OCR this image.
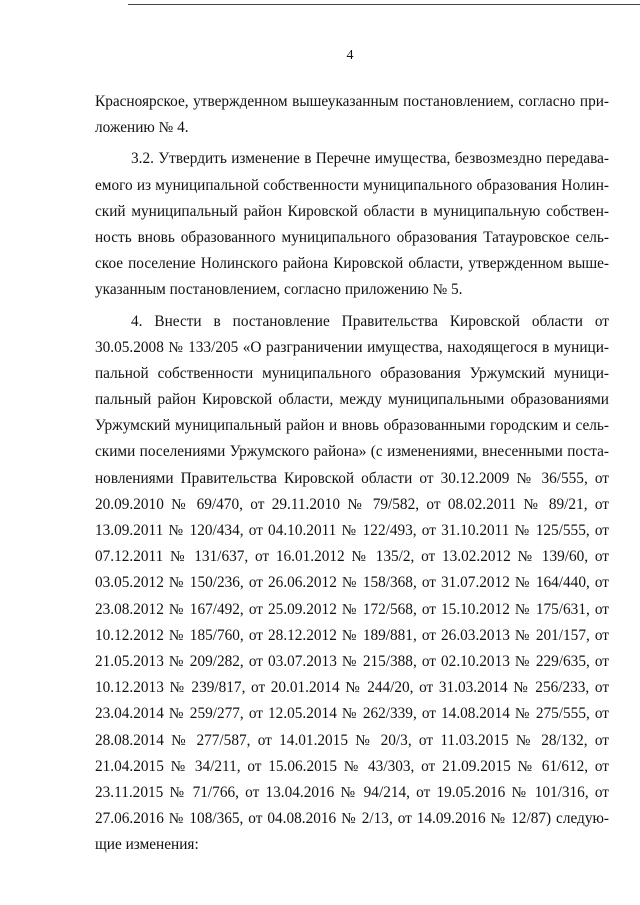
4
Красноярское, утвержденном вышеуказанным постановлением, согласно при-
ложению № 4.
3.2. Утвердить изменение в Перечне имущества, безвозмездно передава-
емого из муниципальной собственности муниципального образования Нолин-
ский муниципальный район Кировской области в муниципальную собствен-
ность вновь образованного муниципального образования Татауровское сель-
ское поселение Нолинского района Кировской области, утвержденном выше-
указанным постановлением, согласно приложению № 5.
4. Внести в постановление Правительства Кировской области от
30.05.2008 № 133/205 «О разграничении имущества, находящегося в муници-
пальной собственности муниципального образования Уржумский муници-
пальный район Кировской области, между муниципальными образованиями
Уржумский муниципальный район и вновь образованными городским и сель-
скими поселениями Уржумского района» (с изменениями, внесенными поста-
новлениями Правительства Кировской области от 30.12.2009 № 36/555, от
20.09.2010 № 69/470, от 29.11.2010 № 79/582, от 08.02.2011 № 89/21, от
13.09.2011 № 120/434, от 04.10.2011 № 122/493, от 31.10.2011 № 125/555, от
07.12.2011 № 131/637, от 16.01.2012 № 135/2, от 13.02.2012 № 139/60, от
03.05.2012 № 150/236, от 26.06.2012 № 158/368, от 31.07.2012 № 164/440, от
23.08.2012 № 167/492, от 25.09.2012 № 172/568, от 15.10.2012 № 175/631, от
10.12.2012 № 185/760, от 28.12.2012 № 189/881, от 26.03.2013 № 201/157, от
21.05.2013 № 209/282, от 03.07.2013 № 215/388, от 02.10.2013 № 229/635, от
10.12.2013 № 239/817, от 20.01.2014 № 244/20, от 31.03.2014 № 256/233, от
23.04.2014 № 259/277, от 12.05.2014 № 262/339, от 14.08.2014 № 275/555, от
28.08.2014 № 277/587, от 14.01.2015 № 20/3, от 11.03.2015 № 28/132, от
21.04.2015 № 34/211, от 15.06.2015 № 43/303, от 21.09.2015 № 61/612, от
23.11.2015 № 71/766, от 13.04.2016 № 94/214, от 19.05.2016 № 101/316, от
27.06.2016 № 108/365, от 04.08.2016 № 2/13, от 14.09.2016 № 12/87) следую-
щие изменения:
